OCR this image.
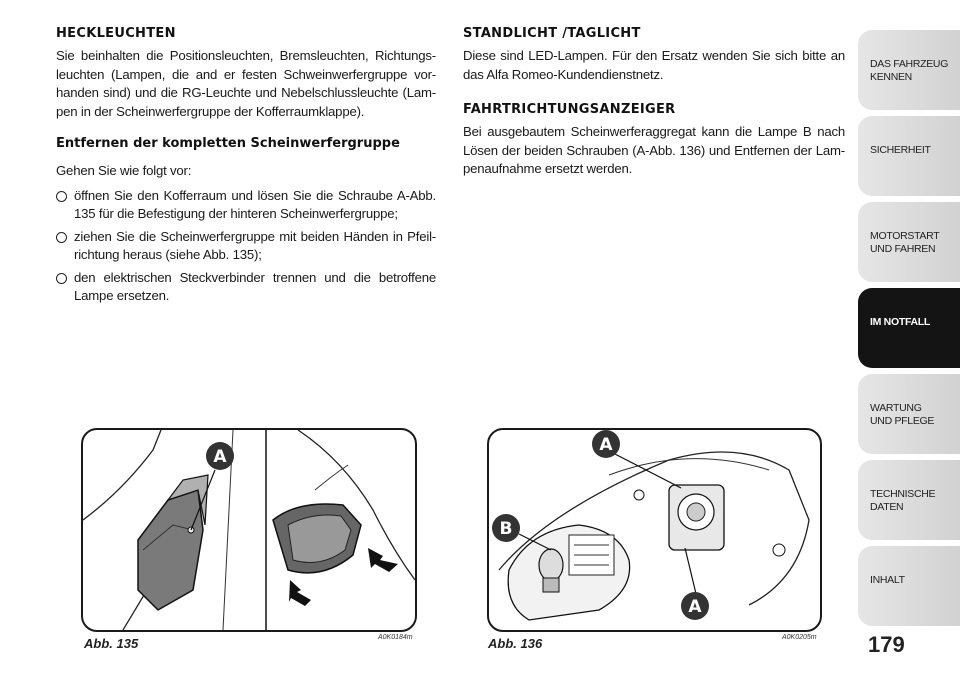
HECKLEUCHTEN

Sie beinhalten die Positionsleuchten, Bremsleuchten, Richtungs-leuchten (Lampen, die and er festen Schweinwerfergruppe vor-handen sind) und die RG-Leuchte und Nebelschlussleuchte (Lam-pen in der Scheinwerfergruppe der Kofferraumklappe).

Entfernen der kompletten Scheinwerfergruppe

Gehen Sie wie folgt vor:

öffnen Sie den Kofferraum und lösen Sie die Schraube A-Abb. 135 für die Befestigung der hinteren Scheinwerfergruppe;
ziehen Sie die Scheinwerfergruppe mit beiden Händen in Pfeil-richtung heraus (siehe Abb. 135);
den elektrischen Steckverbinder trennen und die betroffene Lampe ersetzen.
STANDLICHT /TAGLICHT

Diese sind LED-Lampen. Für den Ersatz wenden Sie sich bitte an das Alfa Romeo-Kundendienstnetz.

FAHRTRICHTUNGSANZEIGER

Bei ausgebautem Scheinwerferaggregat kann die Lampe B nach Lösen der beiden Schrauben (A-Abb. 136) und Entfernen der Lam-penaufnahme ersetzt werden.

A
Abb. 135	A0K0184m
A
B
A
Abb. 136	A0K0205m 179
DAS FAHRZEUG
KENNEN
SICHERHEIT
MOTORSTART
UND FAHREN
IM NOTFALL
WARTUNG
UND PFLEGE
TECHNISCHE
DATEN
INHALT
